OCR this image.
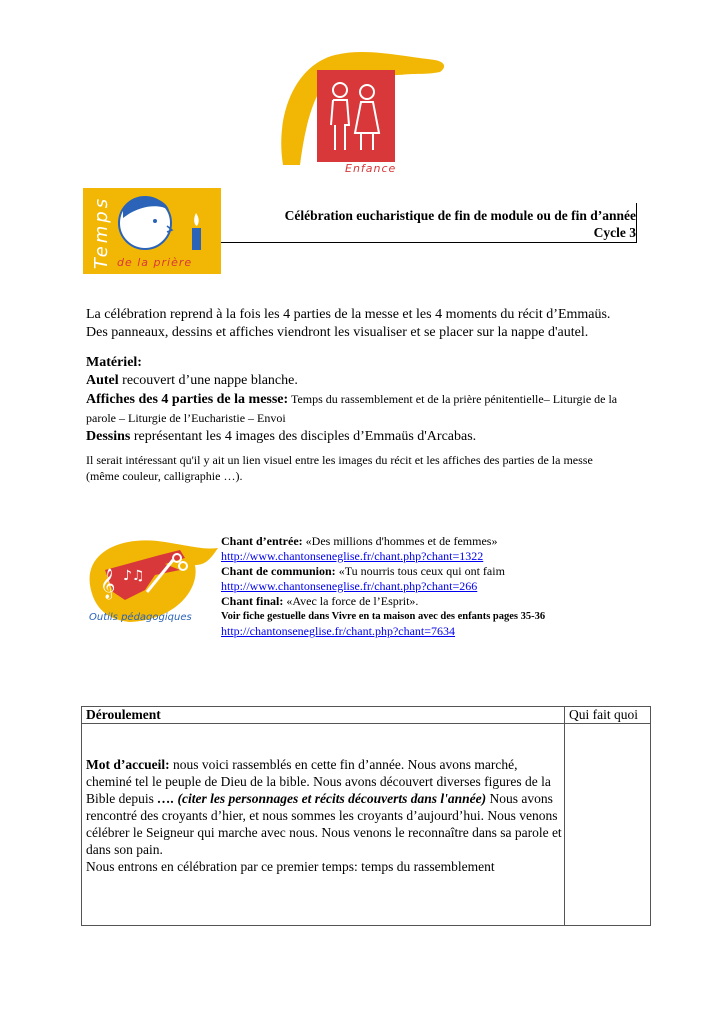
Enfance
Temps de la prière
Célébration eucharistique de fin de module ou de fin d’année
Cycle 3
La célébration reprend à la fois les 4 parties de la messe et les 4 moments du récit d’Emmaüs.
Des panneaux, dessins et affiches viendront les visualiser et se placer sur la nappe d'autel.
Matériel:
Autel recouvert d’une nappe blanche.
Affiches des 4 parties de la messe: Temps du rassemblement et de la prière pénitentielle– Liturgie de la parole – Liturgie de l’Eucharistie – Envoi
Dessins représentant les 4 images des disciples d’Emmaüs d'Arcabas.
Il serait intéressant qu'il y ait un lien visuel entre les images du récit et les affiches des parties de la messe (même couleur, calligraphie …).
𝄞 ♪♫
Outils pédagogiques
Chant d’entrée: «Des millions d'hommes et de femmes»
http://www.chantonseneglise.fr/chant.php?chant=1322
Chant de communion: «Tu nourris tous ceux qui ont faim
http://www.chantonseneglise.fr/chant.php?chant=266
Chant final: «Avec la force de l’Esprit».
Voir fiche gestuelle dans Vivre en ta maison avec des enfants pages 35-36
http://chantonseneglise.fr/chant.php?chant=7634
Déroulement	Qui fait quoi
Mot d’accueil: nous voici rassemblés en cette fin d’année. Nous avons marché, cheminé tel le peuple de Dieu de la bible. Nous avons découvert diverses figures de la Bible depuis …. (citer les personnages et récits découverts dans l'année) Nous avons rencontré des croyants d’hier, et nous sommes les croyants d’aujourd’hui. Nous venons célébrer le Seigneur qui marche avec nous. Nous venons le reconnaître dans sa parole et dans son pain.
Nous entrons en célébration par ce premier temps: temps du rassemblement
